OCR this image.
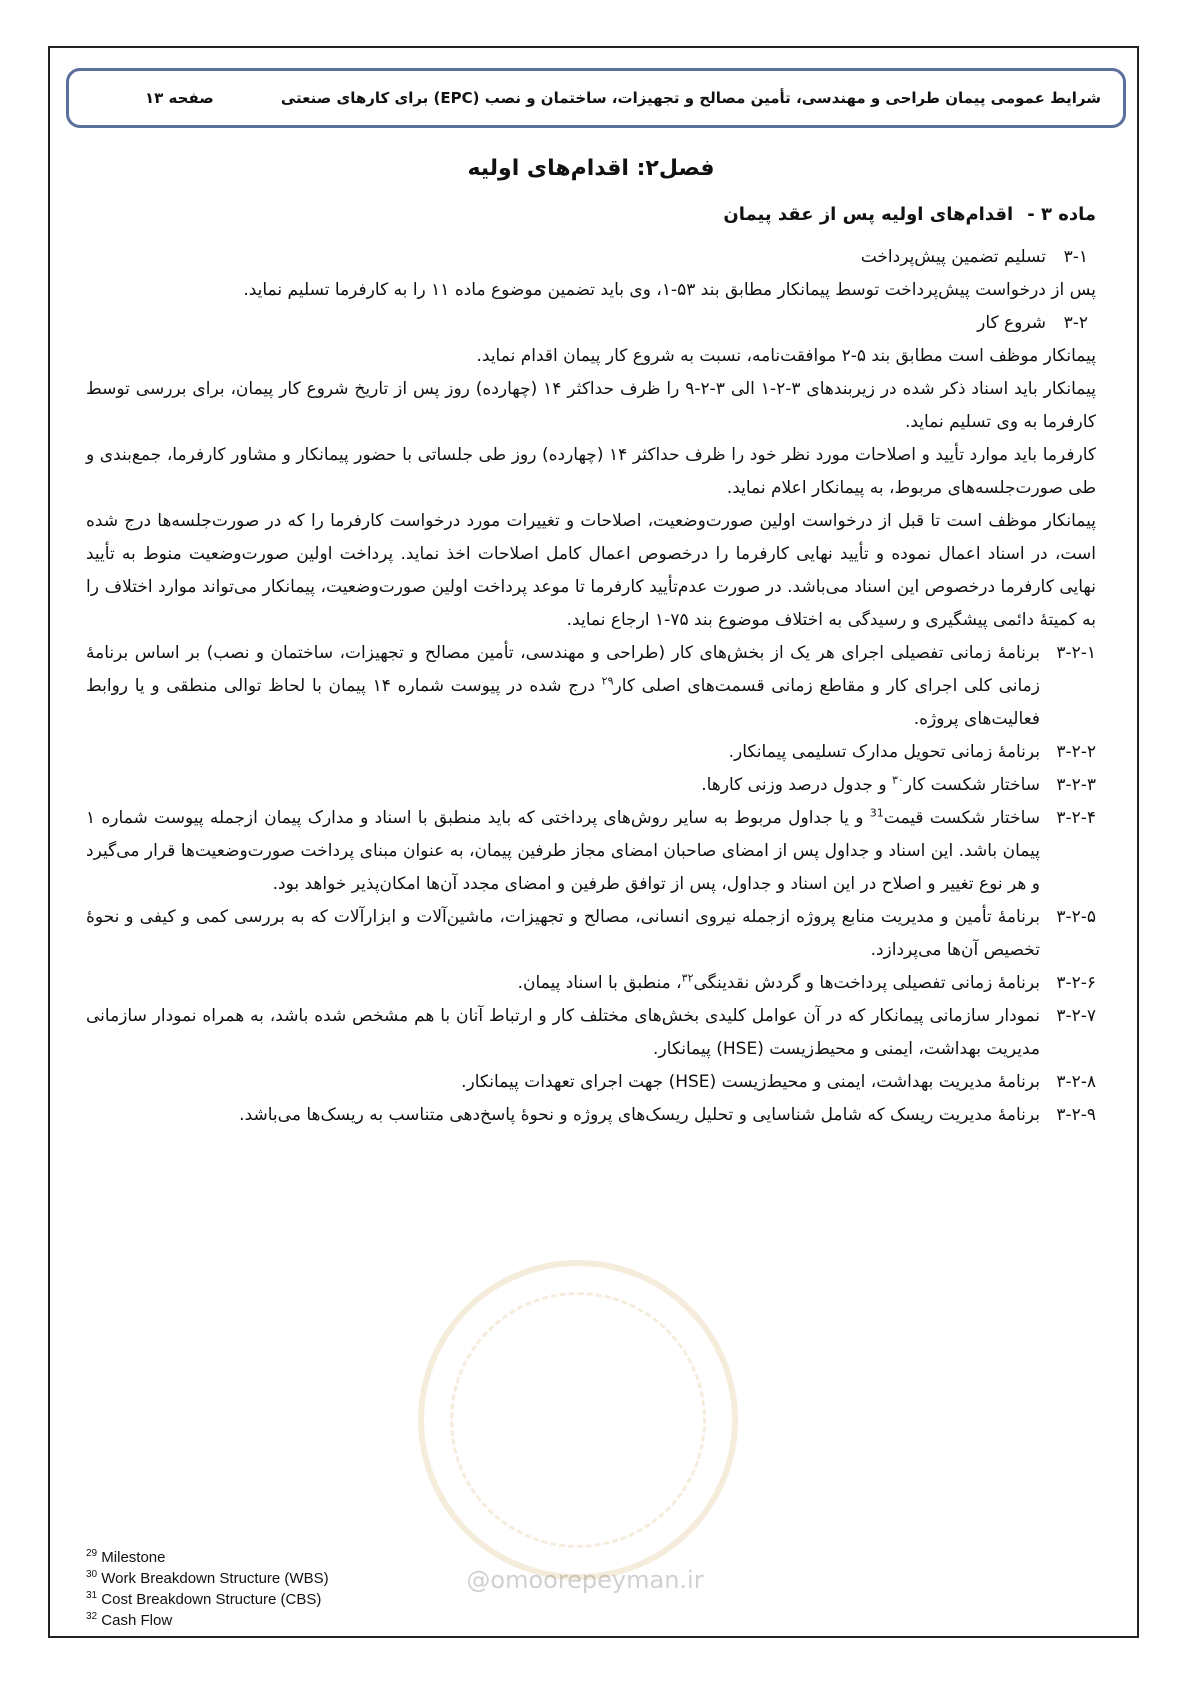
شرایط عمومی پیمان طراحی و مهندسی، تأمین مصالح و تجهیزات، ساختمان و نصب (EPC) برای کارهای صنعتی
صفحه ۱۳
@omoorepeyman.ir
فصل۲: اقدام‌های اولیه
ماده ۳ -اقدام‌های اولیه پس از عقد پیمان
۳-۱
تسلیم تضمین پیش‌پرداخت
پس از درخواست پیش‌پرداخت توسط پیمانکار مطابق بند ۵۳-۱، وی باید تضمین موضوع ماده ۱۱ را به کارفرما تسلیم نماید.
۳-۲
شروع کار
پیمانکار موظف است مطابق بند ۵-۲ موافقت‌نامه، نسبت به شروع کار پیمان اقدام نماید.
پیمانکار باید اسناد ذکر شده در زیربندهای ۳-۲-۱ الی ۳-۲-۹ را ظرف حداکثر ۱۴ (چهارده) روز پس از تاریخ شروع کار پیمان، برای بررسی توسط کارفرما به وی تسلیم نماید.
کارفرما باید موارد تأیید و اصلاحات مورد نظر خود را ظرف حداکثر ۱۴ (چهارده) روز طی جلساتی با حضور پیمانکار و مشاور کارفرما، جمع‌بندی و طی صورت‌جلسه‌های مربوط، به پیمانکار اعلام نماید.
پیمانکار موظف است تا قبل از درخواست اولین صورت‌وضعیت، اصلاحات و تغییرات مورد درخواست کارفرما را که در صورت‌جلسه‌ها درج شده است، در اسناد اعمال نموده و تأیید نهایی کارفرما را درخصوص اعمال کامل اصلاحات اخذ نماید. پرداخت اولین صورت‌وضعیت منوط به تأیید نهایی کارفرما درخصوص این اسناد می‌باشد. در صورت عدم‌تأیید کارفرما تا موعد پرداخت اولین صورت‌وضعیت، پیمانکار می‌تواند موارد اختلاف را به کمیتهٔ دائمی پیشگیری و رسیدگی به اختلاف موضوع بند ۷۵-۱ ارجاع نماید.
۳-۲-۱
برنامهٔ زمانی تفصیلی اجرای هر یک از بخش‌های کار (طراحی و مهندسی، تأمین مصالح و تجهیزات، ساختمان و نصب) بر اساس برنامهٔ زمانی کلی اجرای کار و مقاطع زمانی قسمت‌های اصلی کار$^{۲۹}$ درج شده در پیوست شماره ۱۴ پیمان با لحاظ توالی منطقی و یا روابط فعالیت‌های پروژه.
۳-۲-۲
برنامهٔ زمانی تحویل مدارک تسلیمی پیمانکار.
۳-۲-۳
ساختار شکست کار$^{۳۰}$ و جدول درصد وزنی کارها.
۳-۲-۴
ساختار شکست قیمت$^{31}$ و یا جداول مربوط به سایر روش‌های پرداختی که باید منطبق با اسناد و مدارک پیمان ازجمله پیوست شماره ۱ پیمان باشد. این اسناد و جداول پس از امضای صاحبان امضای مجاز طرفین پیمان، به عنوان مبنای پرداخت صورت‌وضعیت‌ها قرار می‌گیرد و هر نوع تغییر و اصلاح در این اسناد و جداول، پس از توافق طرفین و امضای مجدد آن‌ها امکان‌پذیر خواهد بود.
۳-۲-۵
برنامهٔ تأمین و مدیریت منابع پروژه ازجمله نیروی انسانی، مصالح و تجهیزات، ماشین‌آلات و ابزارآلات که به بررسی کمی و کیفی و نحوهٔ تخصیص آن‌ها می‌پردازد.
۳-۲-۶
برنامهٔ زمانی تفصیلی پرداخت‌ها و گردش نقدینگی$^{۳۲}$، منطبق با اسناد پیمان.
۳-۲-۷
نمودار سازمانی پیمانکار که در آن عوامل کلیدی بخش‌های مختلف کار و ارتباط آنان با هم مشخص شده باشد، به همراه نمودار سازمانی مدیریت بهداشت، ایمنی و محیط‌زیست (HSE) پیمانکار.
۳-۲-۸
برنامهٔ مدیریت بهداشت، ایمنی و محیط‌زیست (HSE) جهت اجرای تعهدات پیمانکار.
۳-۲-۹
برنامهٔ مدیریت ریسک که شامل شناسایی و تحلیل ریسک‌های پروژه و نحوهٔ پاسخ‌دهی متناسب به ریسک‌ها می‌باشد.
$^{29}$ Milestone
$^{30}$ Work Breakdown Structure (WBS)
$^{31}$ Cost Breakdown Structure (CBS)
$^{32}$ Cash Flow
